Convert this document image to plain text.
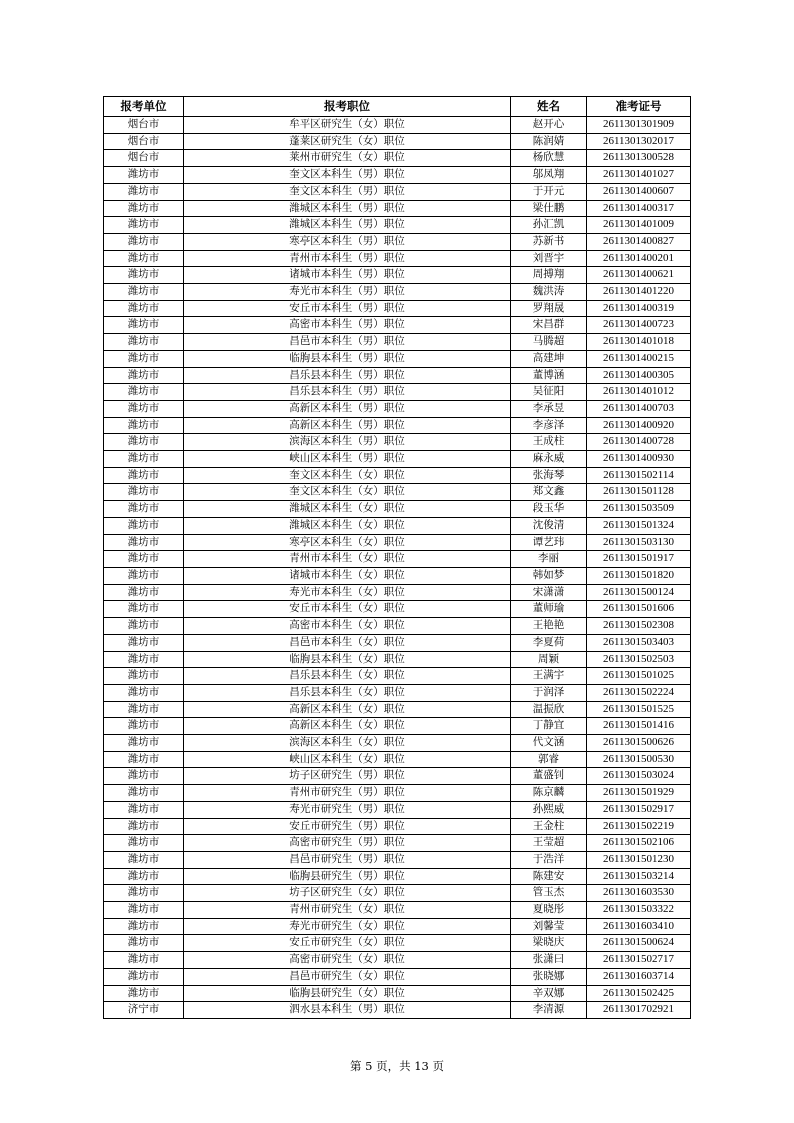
报考单位	报考职位	姓名	准考证号
烟台市	牟平区研究生（女）职位	赵开心	2611301301909
烟台市	蓬莱区研究生（女）职位	陈润婧	2611301302017
烟台市	莱州市研究生（女）职位	杨欣慧	2611301300528
潍坊市	奎文区本科生（男）职位	邬凤翔	2611301401027
潍坊市	奎文区本科生（男）职位	于开元	2611301400607
潍坊市	潍城区本科生（男）职位	梁仕鹏	2611301400317
潍坊市	潍城区本科生（男）职位	孙汇凯	2611301401009
潍坊市	寒亭区本科生（男）职位	苏新书	2611301400827
潍坊市	青州市本科生（男）职位	刘晋宇	2611301400201
潍坊市	诸城市本科生（男）职位	周搏翔	2611301400621
潍坊市	寿光市本科生（男）职位	魏洪涛	2611301401220
潍坊市	安丘市本科生（男）职位	罗翔晟	2611301400319
潍坊市	高密市本科生（男）职位	宋昌群	2611301400723
潍坊市	昌邑市本科生（男）职位	马腾超	2611301401018
潍坊市	临朐县本科生（男）职位	高建坤	2611301400215
潍坊市	昌乐县本科生（男）职位	董博涵	2611301400305
潍坊市	昌乐县本科生（男）职位	吴征阳	2611301401012
潍坊市	高新区本科生（男）职位	李承昱	2611301400703
潍坊市	高新区本科生（男）职位	李彦泽	2611301400920
潍坊市	滨海区本科生（男）职位	王成柱	2611301400728
潍坊市	峡山区本科生（男）职位	麻永威	2611301400930
潍坊市	奎文区本科生（女）职位	张海琴	2611301502114
潍坊市	奎文区本科生（女）职位	郑文鑫	2611301501128
潍坊市	潍城区本科生（女）职位	段玉华	2611301503509
潍坊市	潍城区本科生（女）职位	沈俊清	2611301501324
潍坊市	寒亭区本科生（女）职位	谭艺玮	2611301503130
潍坊市	青州市本科生（女）职位	李丽	2611301501917
潍坊市	诸城市本科生（女）职位	韩如梦	2611301501820
潍坊市	寿光市本科生（女）职位	宋潇潇	2611301500124
潍坊市	安丘市本科生（女）职位	董师瑜	2611301501606
潍坊市	高密市本科生（女）职位	王艳艳	2611301502308
潍坊市	昌邑市本科生（女）职位	李夏荷	2611301503403
潍坊市	临朐县本科生（女）职位	周颖	2611301502503
潍坊市	昌乐县本科生（女）职位	王满宇	2611301501025
潍坊市	昌乐县本科生（女）职位	于润泽	2611301502224
潍坊市	高新区本科生（女）职位	温振欣	2611301501525
潍坊市	高新区本科生（女）职位	丁静宜	2611301501416
潍坊市	滨海区本科生（女）职位	代文涵	2611301500626
潍坊市	峡山区本科生（女）职位	郭睿	2611301500530
潍坊市	坊子区研究生（男）职位	董盛钊	2611301503024
潍坊市	青州市研究生（男）职位	陈京麟	2611301501929
潍坊市	寿光市研究生（男）职位	孙熙威	2611301502917
潍坊市	安丘市研究生（男）职位	王金柱	2611301502219
潍坊市	高密市研究生（男）职位	王莹超	2611301502106
潍坊市	昌邑市研究生（男）职位	于浩洋	2611301501230
潍坊市	临朐县研究生（男）职位	陈建安	2611301503214
潍坊市	坊子区研究生（女）职位	管玉杰	2611301603530
潍坊市	青州市研究生（女）职位	夏晓彤	2611301503322
潍坊市	寿光市研究生（女）职位	刘馨莹	2611301603410
潍坊市	安丘市研究生（女）职位	梁晓庆	2611301500624
潍坊市	高密市研究生（女）职位	张潇曰	2611301502717
潍坊市	昌邑市研究生（女）职位	张晓娜	2611301603714
潍坊市	临朐县研究生（女）职位	辛双娜	2611301502425
济宁市	泗水县本科生（男）职位	李清源	2611301702921
第 5 页，共 13 页
